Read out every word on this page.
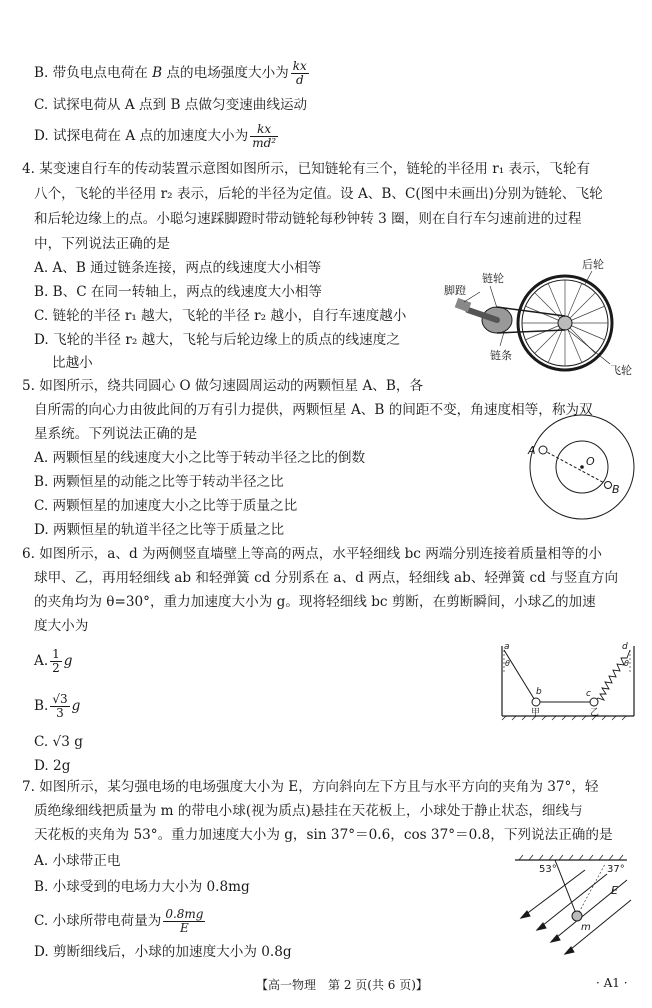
B. 带负电点电荷在 B 点的电场强度大小为 $\frac{kx}{d}$
C. 试探电荷从 A 点到 B 点做匀变速曲线运动
D. 试探电荷在 A 点的加速度大小为 $\frac{kx}{\text{md²}}$
4. 某变速自行车的传动装置示意图如图所示，已知链轮有三个，链轮的半径用 r₁ 表示，飞轮有
八个，飞轮的半径用 r₂ 表示，后轮的半径为定值。设 A、B、C(图中未画出)分别为链轮、飞轮
和后轮边缘上的点。小聪匀速踩脚蹬时带动链轮每秒钟转 3 圈，则在自行车匀速前进的过程
中，下列说法正确的是
A. A、B 通过链条连接，两点的线速度大小相等
B. B、C 在同一转轴上，两点的线速度大小相等
C. 链轮的半径 r₁ 越大，飞轮的半径 r₂ 越小，自行车速度越小
D. 飞轮的半径 r₂ 越大，飞轮与后轮边缘上的质点的线速度之
比越小
脚蹬
链轮
后轮
链条
飞轮
5. 如图所示，绕共同圆心 O 做匀速圆周运动的两颗恒星 A、B，各
自所需的向心力由彼此间的万有引力提供，两颗恒星 A、B 的间距不变，角速度相等，称为双
星系统。下列说法正确的是
A. 两颗恒星的线速度大小之比等于转动半径之比的倒数
B. 两颗恒星的动能之比等于转动半径之比
C. 两颗恒星的加速度大小之比等于质量之比
D. 两颗恒星的轨道半径之比等于质量之比
A
O
B
6. 如图所示，a、d 为两侧竖直墙壁上等高的两点，水平轻细线 bc 两端分别连接着质量相等的小
球甲、乙，再用轻细线 ab 和轻弹簧 cd 分别系在 a、d 两点，轻细线 ab、轻弹簧 cd 与竖直方向
的夹角均为 θ=30°，重力加速度大小为 g。现将轻细线 bc 剪断，在剪断瞬间，小球乙的加速
度大小为
A. $\frac{1}{2}$ g
B. $\frac{√3}{3}$ g
C. √3 g
D. 2g
a	d
θ	θ
b	c
甲	乙
7. 如图所示，某匀强电场的电场强度大小为 E，方向斜向左下方且与水平方向的夹角为 37°，轻
质绝缘细线把质量为 m 的带电小球(视为质点)悬挂在天花板上，小球处于静止状态，细线与
天花板的夹角为 53°。重力加速度大小为 g，sin 37°＝0.6，cos 37°＝0.8，下列说法正确的是
A. 小球带正电
B. 小球受到的电场力大小为 0.8mg
C. 小球所带电荷量为 $\frac{0.8mg}{E}$
D. 剪断细线后，小球的加速度大小为 0.8g
53°	37°
E
m
【高一物理　第 2 页(共 6 页)】	· A1 ·
